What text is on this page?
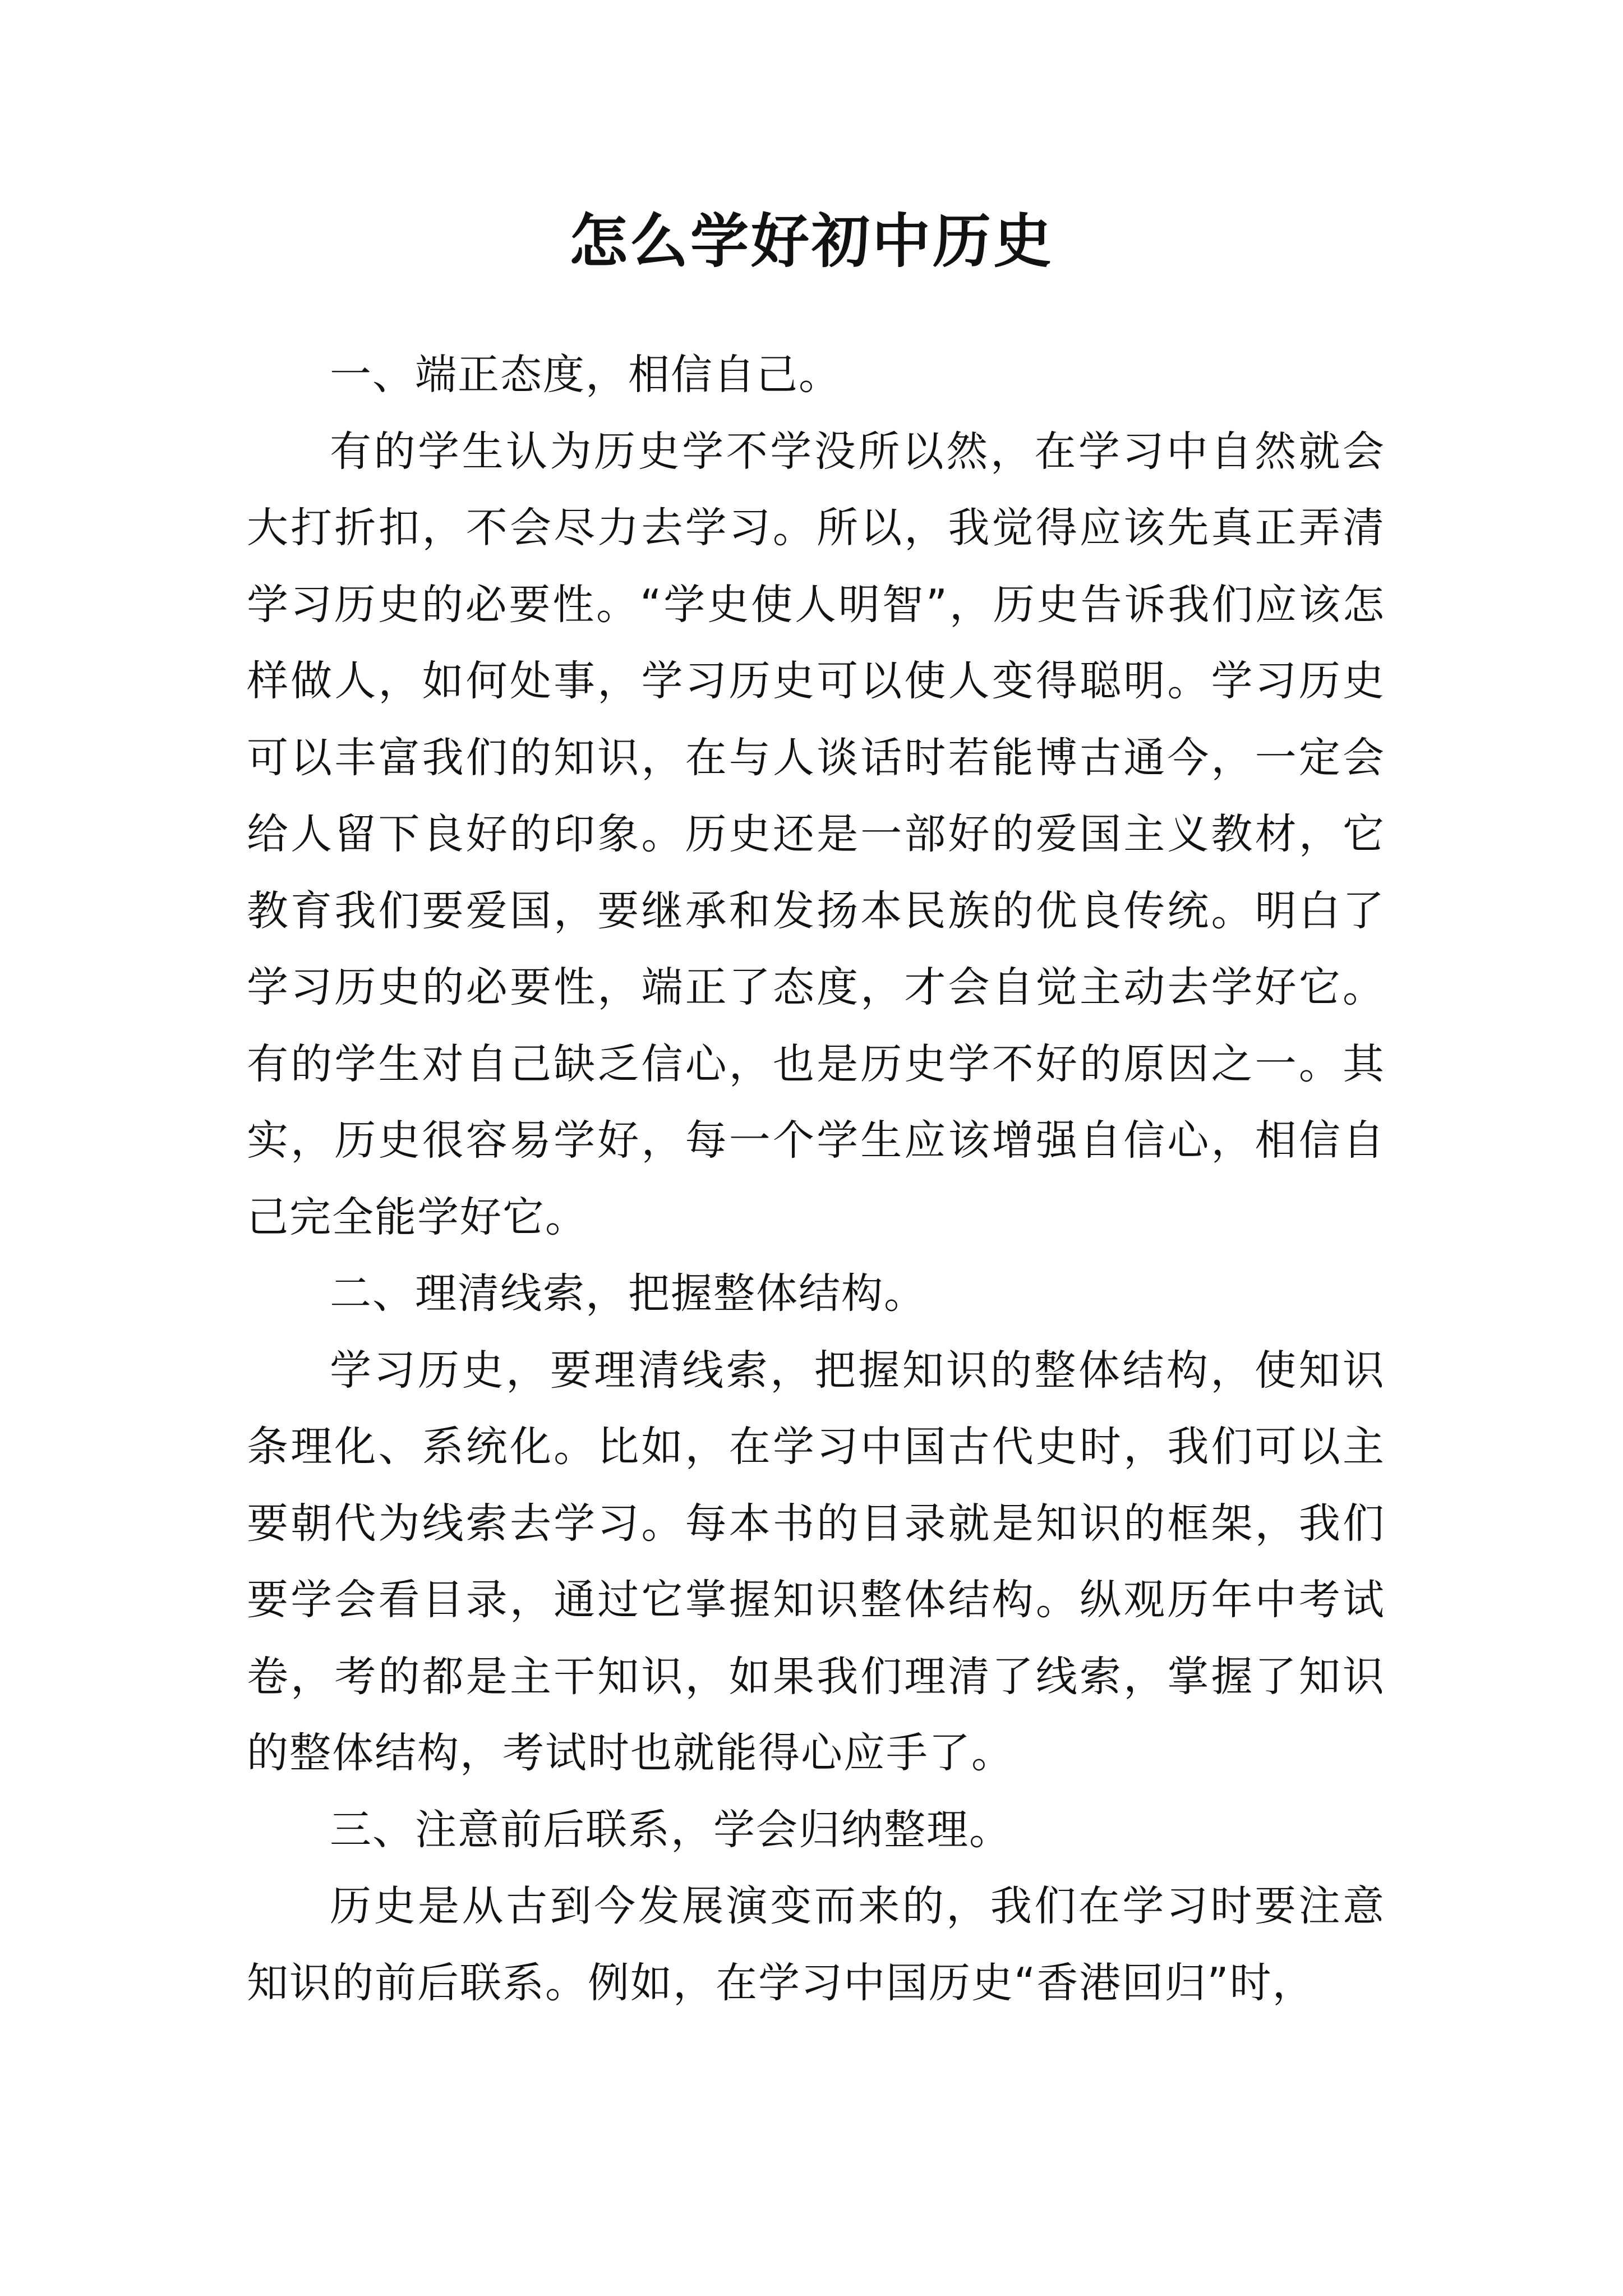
怎么学好初中历史

一、端正态度，相信自己。

有的学生认为历史学不学没所以然，在学习中自然就会大打折扣，不会尽力去学习。所以，我觉得应该先真正弄清学习历史的必要性。“学史使人明智”，历史告诉我们应该怎样做人，如何处事，学习历史可以使人变得聪明。学习历史可以丰富我们的知识，在与人谈话时若能博古通今，一定会给人留下良好的印象。历史还是一部好的爱国主义教材，它教育我们要爱国，要继承和发扬本民族的优良传统。明白了学习历史的必要性，端正了态度，才会自觉主动去学好它。有的学生对自己缺乏信心，也是历史学不好的原因之一。其实，历史很容易学好，每一个学生应该增强自信心，相信自己完全能学好它。

二、理清线索，把握整体结构。

学习历史，要理清线索，把握知识的整体结构，使知识条理化、系统化。比如，在学习中国古代史时，我们可以主要朝代为线索去学习。每本书的目录就是知识的框架，我们要学会看目录，通过它掌握知识整体结构。纵观历年中考试卷，考的都是主干知识，如果我们理清了线索，掌握了知识的整体结构，考试时也就能得心应手了。

三、注意前后联系，学会归纳整理。

历史是从古到今发展演变而来的，我们在学习时要注意知识的前后联系。例如，在学习中国历史“香港回归”时，
